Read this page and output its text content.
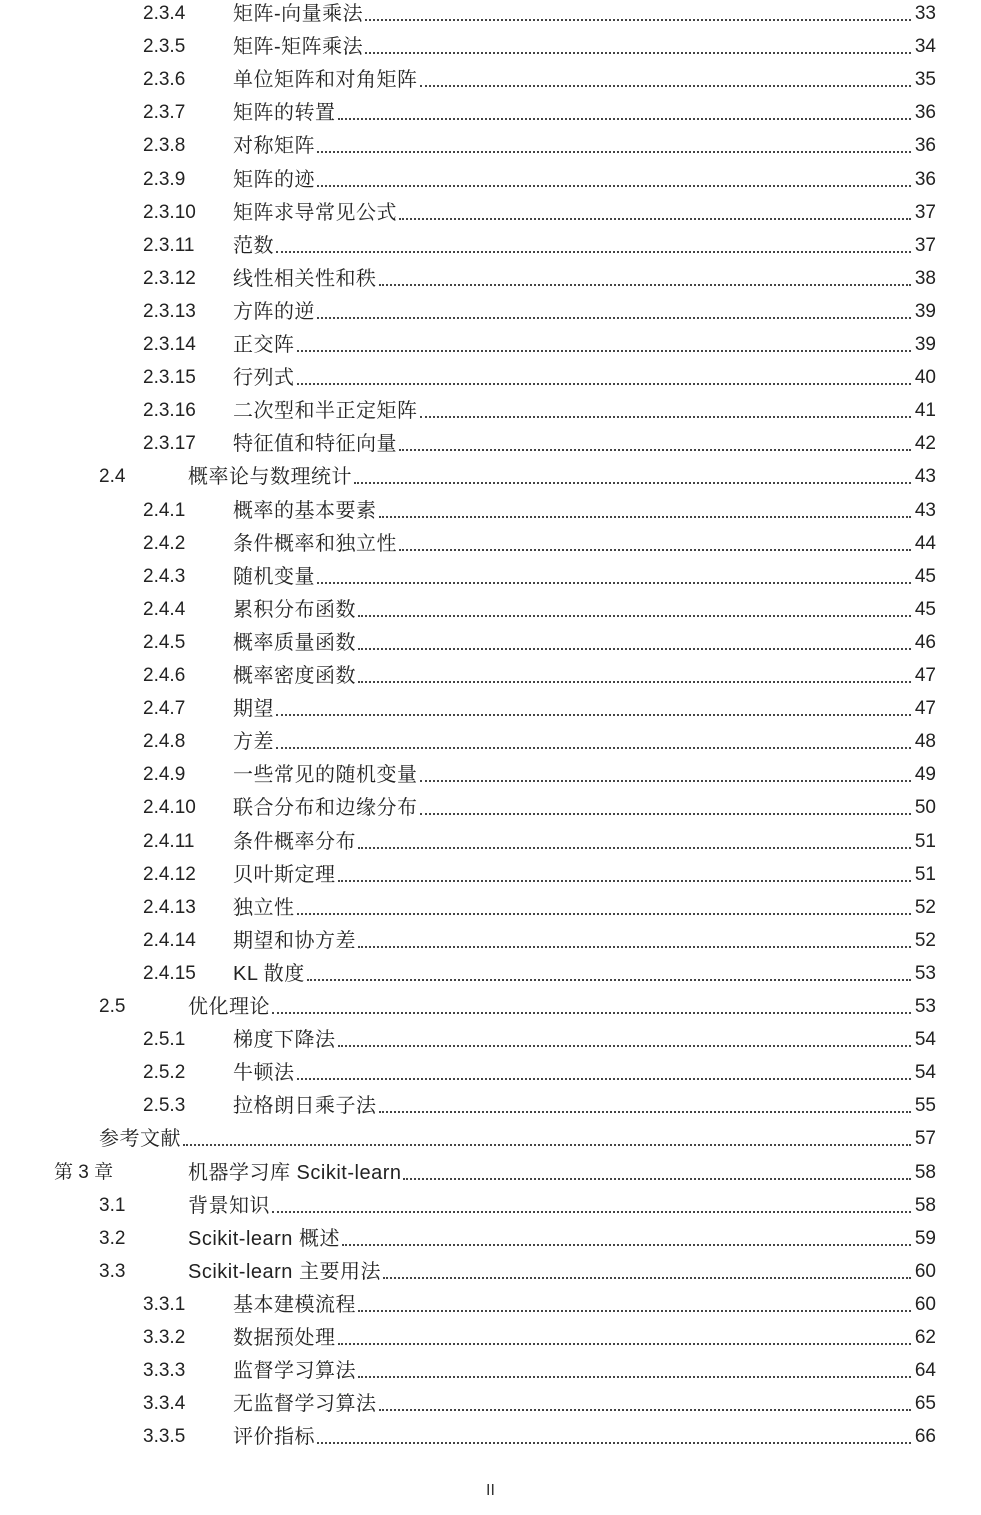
2.3.4 矩阵-向量乘法	33
2.3.5 矩阵-矩阵乘法	34
2.3.6 单位矩阵和对角矩阵	35
2.3.7 矩阵的转置	36
2.3.8 对称矩阵	36
2.3.9 矩阵的迹	36
2.3.10 矩阵求导常见公式	37
2.3.11 范数	37
2.3.12 线性相关性和秩	38
2.3.13 方阵的逆	39
2.3.14 正交阵	39
2.3.15 行列式	40
2.3.16 二次型和半正定矩阵	41
2.3.17 特征值和特征向量	42
2.4	概率论与数理统计	43
2.4.1 概率的基本要素	43
2.4.2 条件概率和独立性	44
2.4.3 随机变量	45
2.4.4 累积分布函数	45
2.4.5 概率质量函数	46
2.4.6 概率密度函数	47
2.4.7 期望	47
2.4.8 方差	48
2.4.9 一些常见的随机变量	49
2.4.10 联合分布和边缘分布	50
2.4.11 条件概率分布	51
2.4.12 贝叶斯定理	51
2.4.13 独立性	52
2.4.14 期望和协方差	52
2.4.15 KL 散度	53
2.5	优化理论	53
2.5.1 梯度下降法	54
2.5.2 牛顿法	54
2.5.3 拉格朗日乘子法	55
参考文献	57
第 3 章	机器学习库 Scikit-learn	58
3.1	背景知识	58
3.2	Scikit-learn 概述	59
3.3	Scikit-learn 主要用法	60
3.3.1 基本建模流程	60
3.3.2 数据预处理	62
3.3.3 监督学习算法	64
3.3.4 无监督学习算法	65
3.3.5 评价指标	66
II
